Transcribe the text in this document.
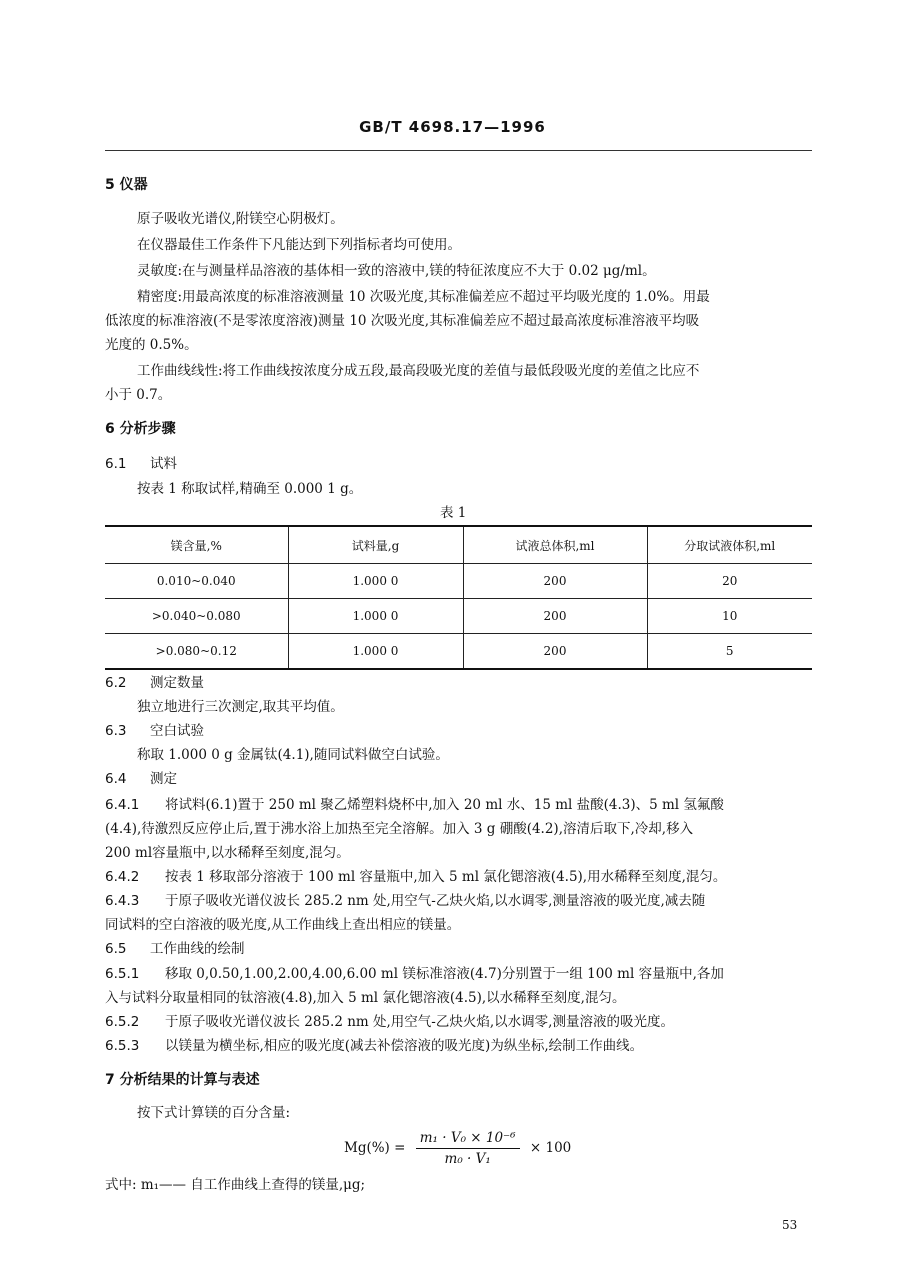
GB/T 4698.17—1996
5 仪器
原子吸收光谱仪,附镁空心阴极灯。
在仪器最佳工作条件下凡能达到下列指标者均可使用。
灵敏度:在与测量样品溶液的基体相一致的溶液中,镁的特征浓度应不大于 0.02 μg/ml。
精密度:用最高浓度的标准溶液测量 10 次吸光度,其标准偏差应不超过平均吸光度的 1.0%。用最
低浓度的标准溶液(不是零浓度溶液)测量 10 次吸光度,其标准偏差应不超过最高浓度标准溶液平均吸
光度的 0.5%。
工作曲线线性:将工作曲线按浓度分成五段,最高段吸光度的差值与最低段吸光度的差值之比应不
小于 0.7。
6 分析步骤
6.1 试料
按表 1 称取试样,精确至 0.000 1 g。
表 1
镁含量,%	试料量,g	试液总体积,ml	分取试液体积,ml
0.010~0.040	1.000 0	200	20
>0.040~0.080	1.000 0	200	10
>0.080~0.12	1.000 0	200	5
6.2 测定数量
独立地进行三次测定,取其平均值。
6.3 空白试验
称取 1.000 0 g 金属钛(4.1),随同试料做空白试验。
6.4 测定
6.4.1 将试料(6.1)置于 250 ml 聚乙烯塑料烧杯中,加入 20 ml 水、15 ml 盐酸(4.3)、5 ml 氢氟酸
(4.4),待激烈反应停止后,置于沸水浴上加热至完全溶解。加入 3 g 硼酸(4.2),溶清后取下,冷却,移入
200 ml容量瓶中,以水稀释至刻度,混匀。
6.4.2 按表 1 移取部分溶液于 100 ml 容量瓶中,加入 5 ml 氯化锶溶液(4.5),用水稀释至刻度,混匀。
6.4.3 于原子吸收光谱仪波长 285.2 nm 处,用空气-乙炔火焰,以水调零,测量溶液的吸光度,减去随
同试料的空白溶液的吸光度,从工作曲线上查出相应的镁量。
6.5 工作曲线的绘制
6.5.1 移取 0,0.50,1.00,2.00,4.00,6.00 ml 镁标准溶液(4.7)分别置于一组 100 ml 容量瓶中,各加
入与试料分取量相同的钛溶液(4.8),加入 5 ml 氯化锶溶液(4.5),以水稀释至刻度,混匀。
6.5.2 于原子吸收光谱仪波长 285.2 nm 处,用空气-乙炔火焰,以水调零,测量溶液的吸光度。
6.5.3 以镁量为横坐标,相应的吸光度(减去补偿溶液的吸光度)为纵坐标,绘制工作曲线。
7 分析结果的计算与表述
按下式计算镁的百分含量:
$Mg(\%) = \frac{\text{m₁ · V₀ × 10⁻⁶}}{\text{m₀ · V₁}} \times 100$
式中: m₁—— 自工作曲线上查得的镁量,μg;
53
